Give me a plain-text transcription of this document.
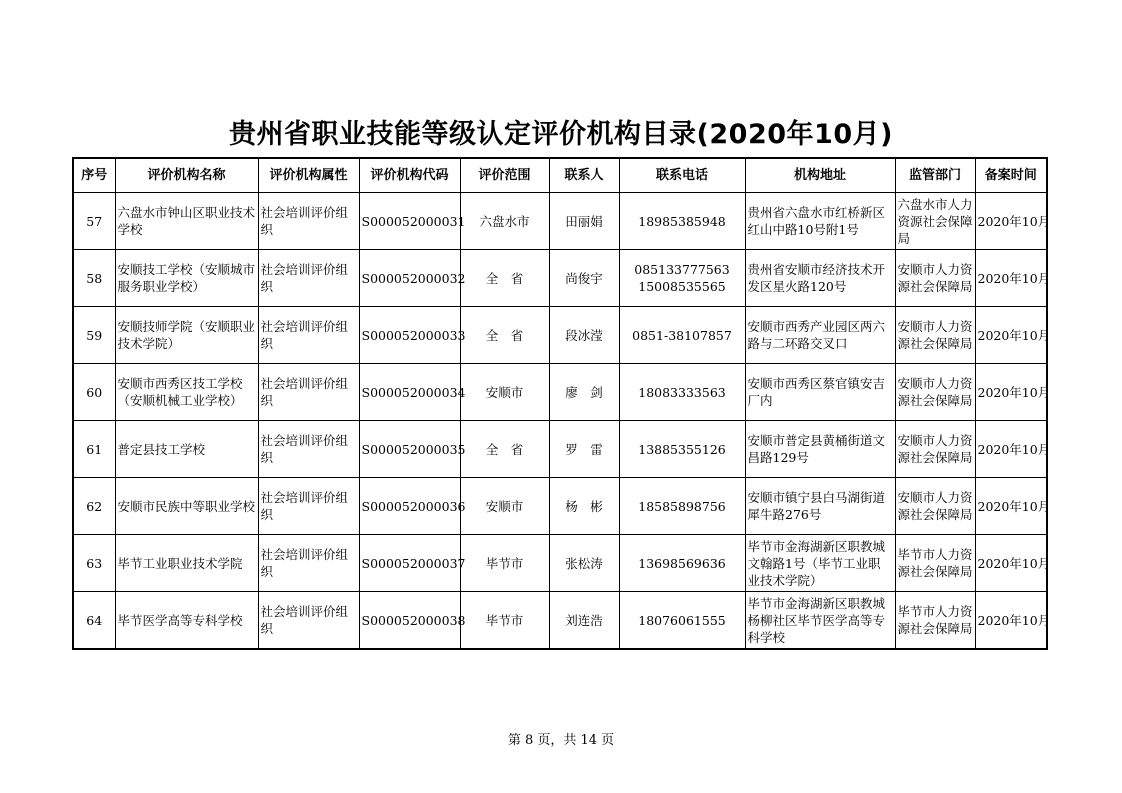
贵州省职业技能等级认定评价机构目录(2020年10月)
序号	评价机构名称	评价机构属性	评价机构代码	评价范围	联系人	联系电话	机构地址	监管部门	备案时间
57	六盘水市钟山区职业技术学校	社会培训评价组织	S000052000031	六盘水市	田丽娟	18985385948	贵州省六盘水市红桥新区红山中路10号附1号	六盘水市人力资源社会保障局	2020年10月
58	安顺技工学校（安顺城市服务职业学校）	社会培训评价组织	S000052000032	全　省	尚俊宇	085133777563 15008535565	贵州省安顺市经济技术开发区星火路120号	安顺市人力资源社会保障局	2020年10月
59	安顺技师学院（安顺职业技术学院）	社会培训评价组织	S000052000033	全　省	段冰滢	0851-38107857	安顺市西秀产业园区两六路与二环路交叉口	安顺市人力资源社会保障局	2020年10月
60	安顺市西秀区技工学校（安顺机械工业学校）	社会培训评价组织	S000052000034	安顺市	廖　剑	18083333563	安顺市西秀区蔡官镇安吉厂内	安顺市人力资源社会保障局	2020年10月
61	普定县技工学校	社会培训评价组织	S000052000035	全　省	罗　雷	13885355126	安顺市普定县黄桶街道文昌路129号	安顺市人力资源社会保障局	2020年10月
62	安顺市民族中等职业学校	社会培训评价组织	S000052000036	安顺市	杨　彬	18585898756	安顺市镇宁县白马湖街道犀牛路276号	安顺市人力资源社会保障局	2020年10月
63	毕节工业职业技术学院	社会培训评价组织	S000052000037	毕节市	张松涛	13698569636	毕节市金海湖新区职教城文翰路1号（毕节工业职业技术学院）	毕节市人力资源社会保障局	2020年10月
64	毕节医学高等专科学校	社会培训评价组织	S000052000038	毕节市	刘连浩	18076061555	毕节市金海湖新区职教城杨柳社区毕节医学高等专科学校	毕节市人力资源社会保障局	2020年10月
第 8 页，共 14 页
